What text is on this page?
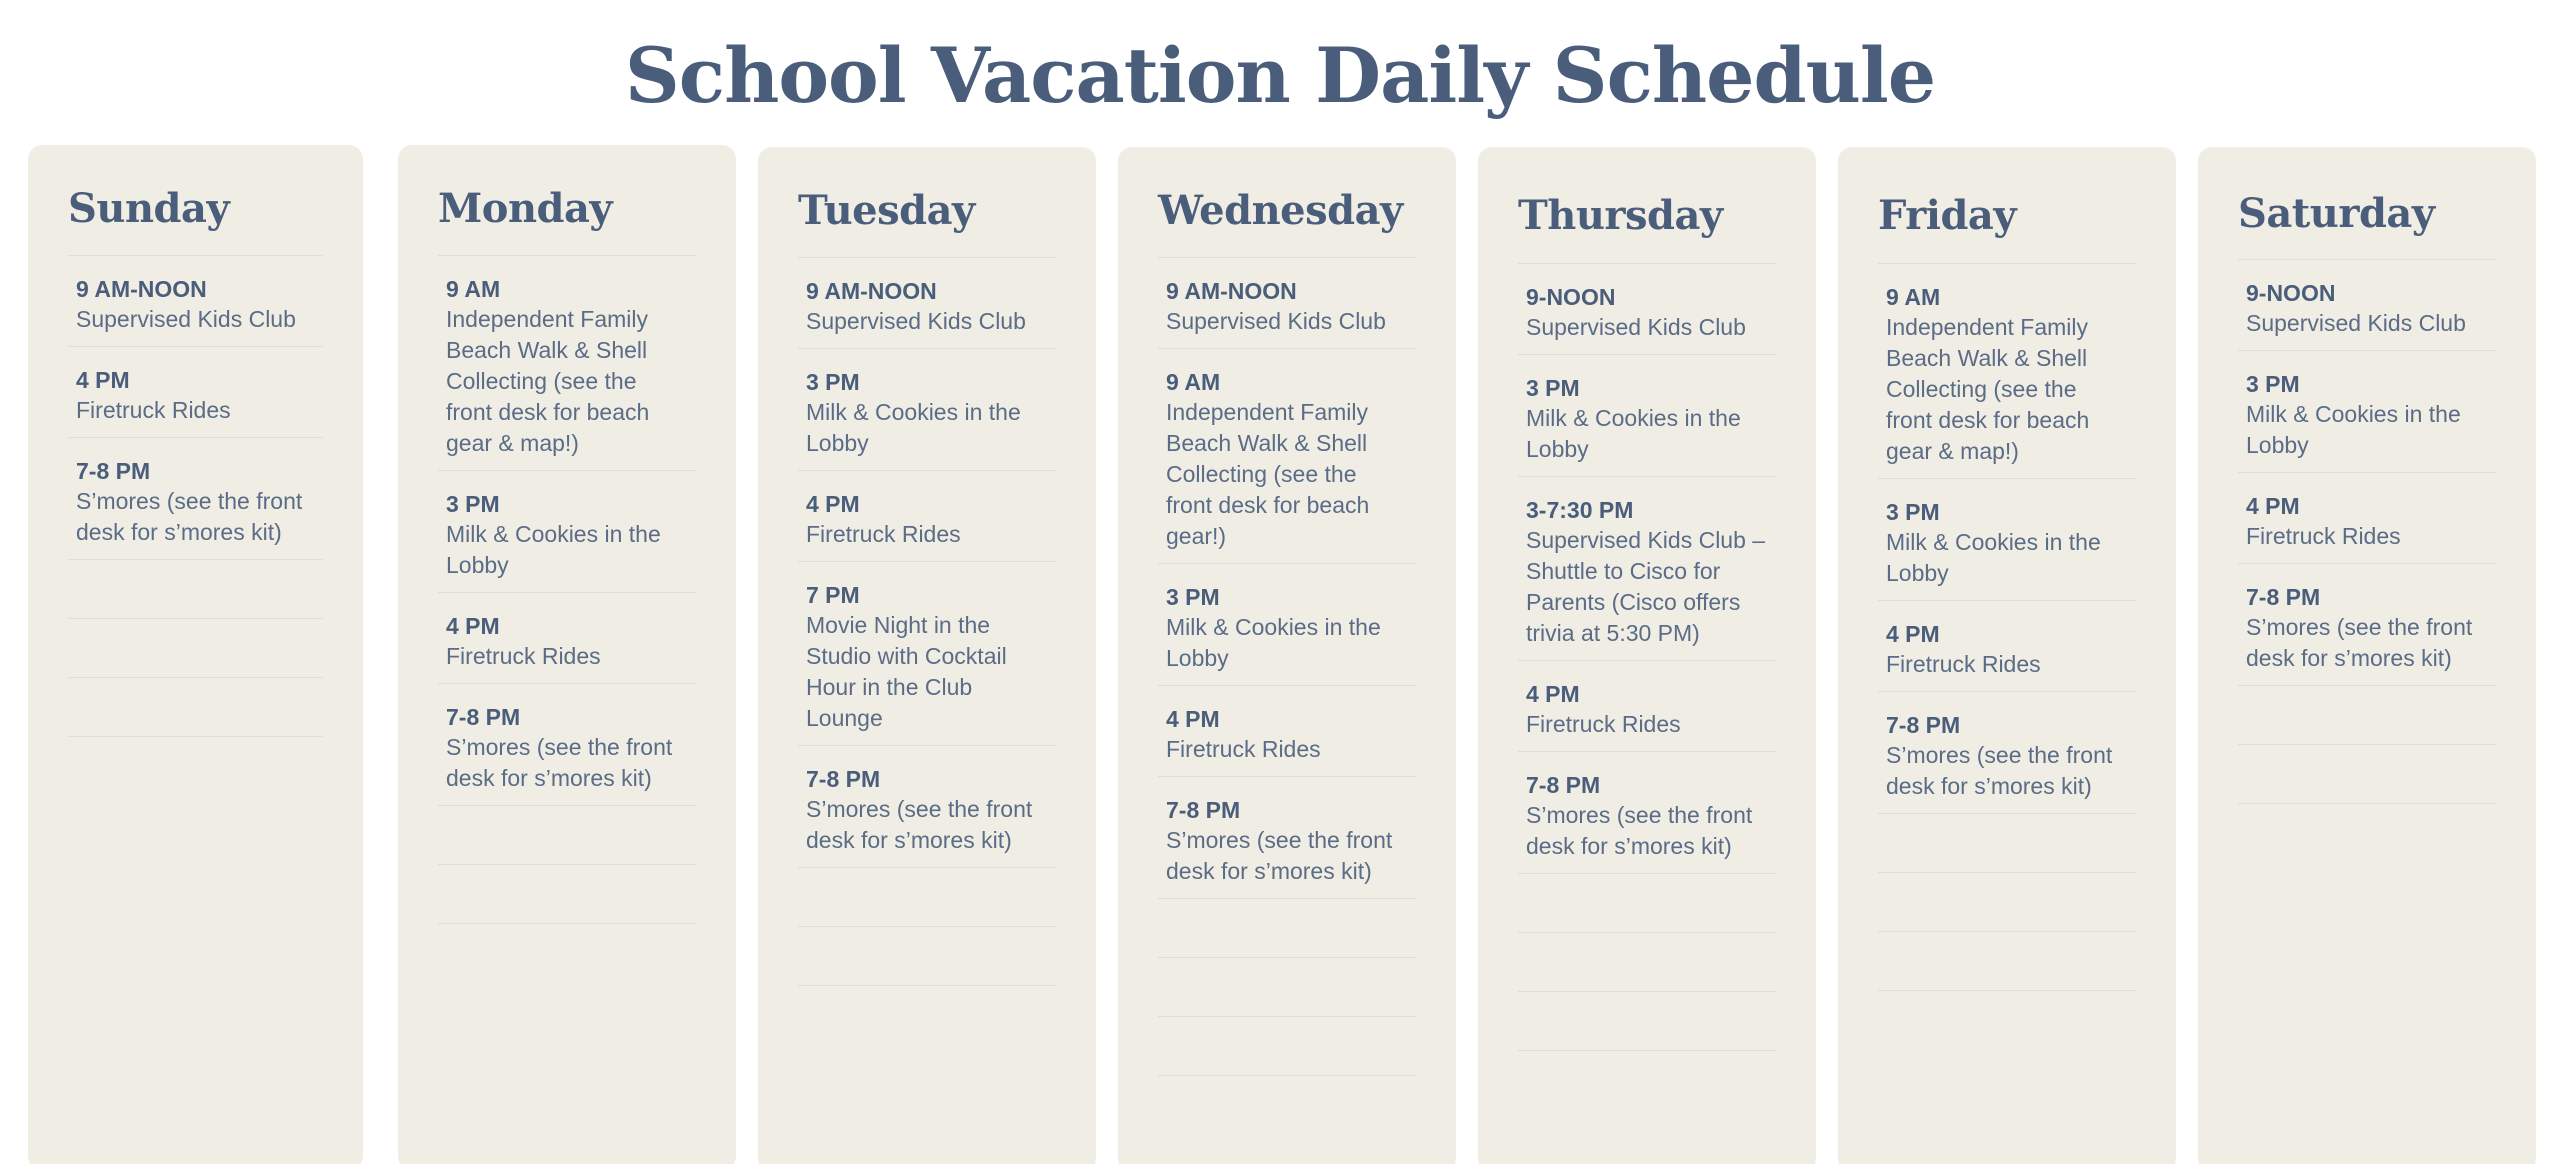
School Vacation Daily Schedule
Sunday
9 AM-NOON
Supervised Kids Club
4 PM
Firetruck Rides
7-8 PM
S’mores (see the front desk for s’mores kit)
Monday
9 AM
Independent Family Beach Walk & Shell Collecting (see the front desk for beach gear & map!)
3 PM
Milk & Cookies in the Lobby
4 PM
Firetruck Rides
7-8 PM
S’mores (see the front desk for s’mores kit)
Tuesday
9 AM-NOON
Supervised Kids Club
3 PM
Milk & Cookies in the Lobby
4 PM
Firetruck Rides
7 PM
Movie Night in the Studio with Cocktail Hour in the Club Lounge
7-8 PM
S’mores (see the front desk for s’mores kit)
Wednesday
9 AM-NOON
Supervised Kids Club
9 AM
Independent Family Beach Walk & Shell Collecting (see the front desk for beach gear!)
3 PM
Milk & Cookies in the Lobby
4 PM
Firetruck Rides
7-8 PM
S’mores (see the front desk for s’mores kit)
Thursday
9-NOON
Supervised Kids Club
3 PM
Milk & Cookies in the Lobby
3-7:30 PM
Supervised Kids Club – Shuttle to Cisco for Parents (Cisco offers trivia at 5:30 PM)
4 PM
Firetruck Rides
7-8 PM
S’mores (see the front desk for s’mores kit)
Friday
9 AM
Independent Family Beach Walk & Shell Collecting (see the front desk for beach gear & map!)
3 PM
Milk & Cookies in the Lobby
4 PM
Firetruck Rides
7-8 PM
S’mores (see the front desk for s’mores kit)
Saturday
9-NOON
Supervised Kids Club
3 PM
Milk & Cookies in the Lobby
4 PM
Firetruck Rides
7-8 PM
S’mores (see the front desk for s’mores kit)
